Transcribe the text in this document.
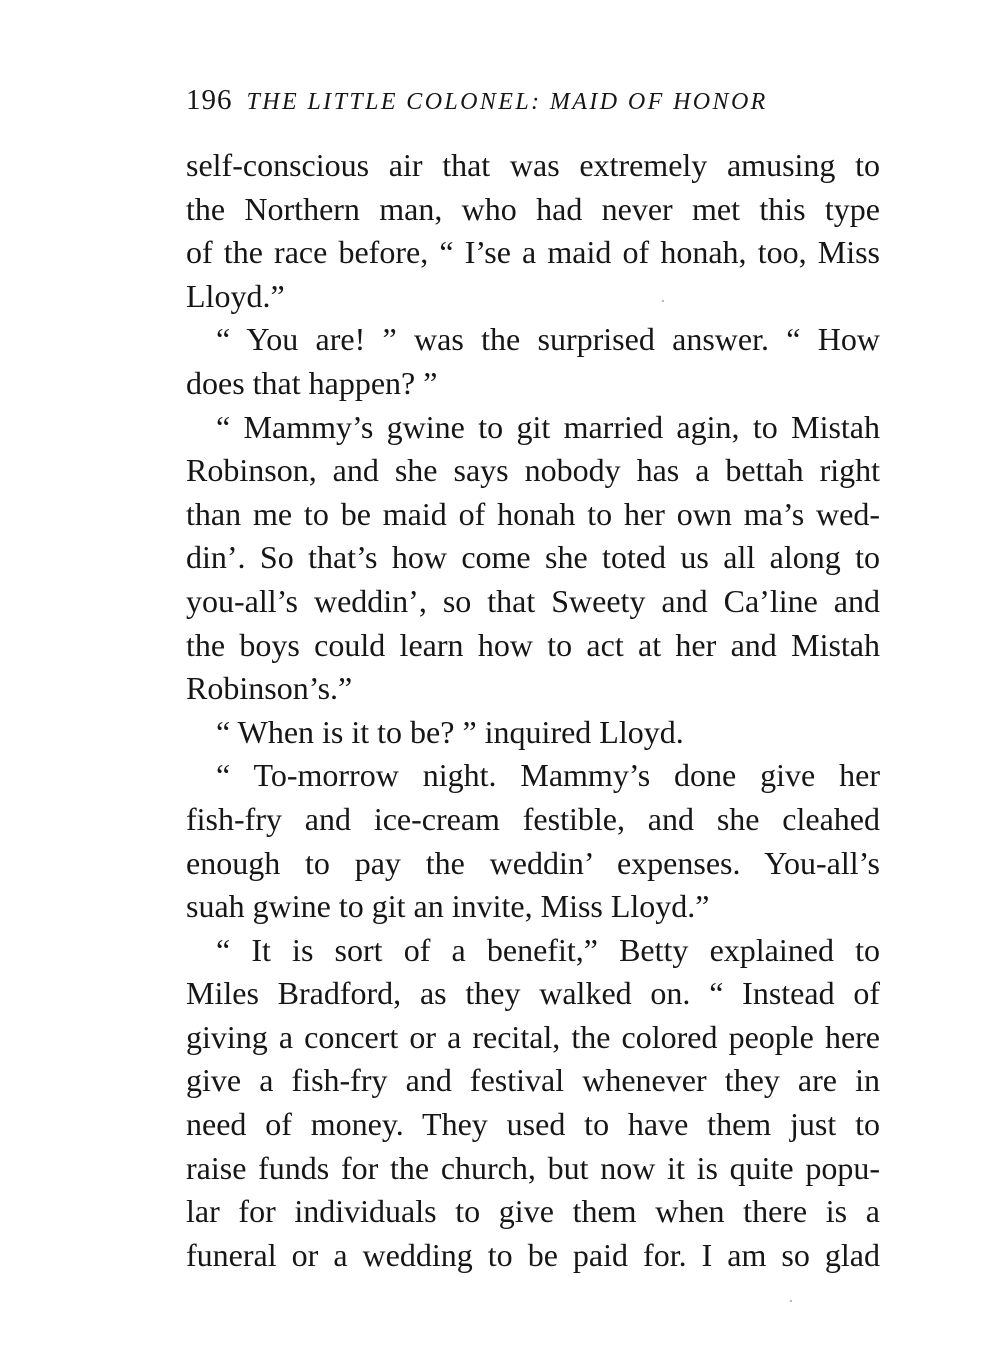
196 THE LITTLE COLONEL: MAID OF HONOR
self-conscious air that was extremely amusing to
the Northern man, who had never met this type
of the race before, “ I’se a maid of honah, too, Miss
Lloyd.”
“ You are! ” was the surprised answer. “ How
does that happen? ”
“ Mammy’s gwine to git married agin, to Mistah
Robinson, and she says nobody has a bettah right
than me to be maid of honah to her own ma’s wed-
din’. So that’s how come she toted us all along to
you-all’s weddin’, so that Sweety and Ca’line and
the boys could learn how to act at her and Mistah
Robinson’s.”
“ When is it to be? ” inquired Lloyd.
“ To-morrow night. Mammy’s done give her
fish-fry and ice-cream festible, and she cleahed
enough to pay the weddin’ expenses. You-all’s
suah gwine to git an invite, Miss Lloyd.”
“ It is sort of a benefit,” Betty explained to
Miles Bradford, as they walked on. “ Instead of
giving a concert or a recital, the colored people here
give a fish-fry and festival whenever they are in
need of money. They used to have them just to
raise funds for the church, but now it is quite popu-
lar for individuals to give them when there is a
funeral or a wedding to be paid for. I am so glad
